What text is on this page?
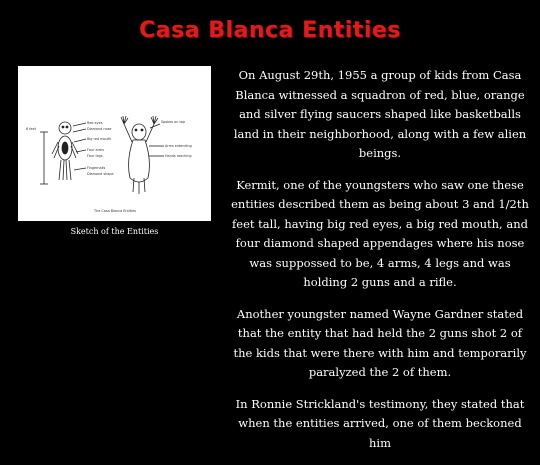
Casa Blanca Entities
6 feet
Red eyes
Diamond nose
Big red mouth
Four arms
Four legs
Fingernails
Diamond shape
Spokes on top
Arms extending
Hands reaching
The Casa Blanca Entities
Sketch of the Entities

On August 29th, 1955 a group of kids from Casa Blanca witnessed a squadron of red, blue, orange and silver flying saucers shaped like basketballs land in their neighborhood, along with a few alien beings.

Kermit, one of the youngsters who saw one these entities described them as being about 3 and 1/2th feet tall, having big red eyes, a big red mouth, and four diamond shaped appendages where his nose was suppossed to be, 4 arms, 4 legs and was holding 2 guns and a rifle.

Another youngster named Wayne Gardner stated that the entity that had held the 2 guns shot 2 of the kids that were there with him and temporarily paralyzed the 2 of them.

In Ronnie Strickland's testimony, they stated that when the entities arrived, one of them beckoned him
